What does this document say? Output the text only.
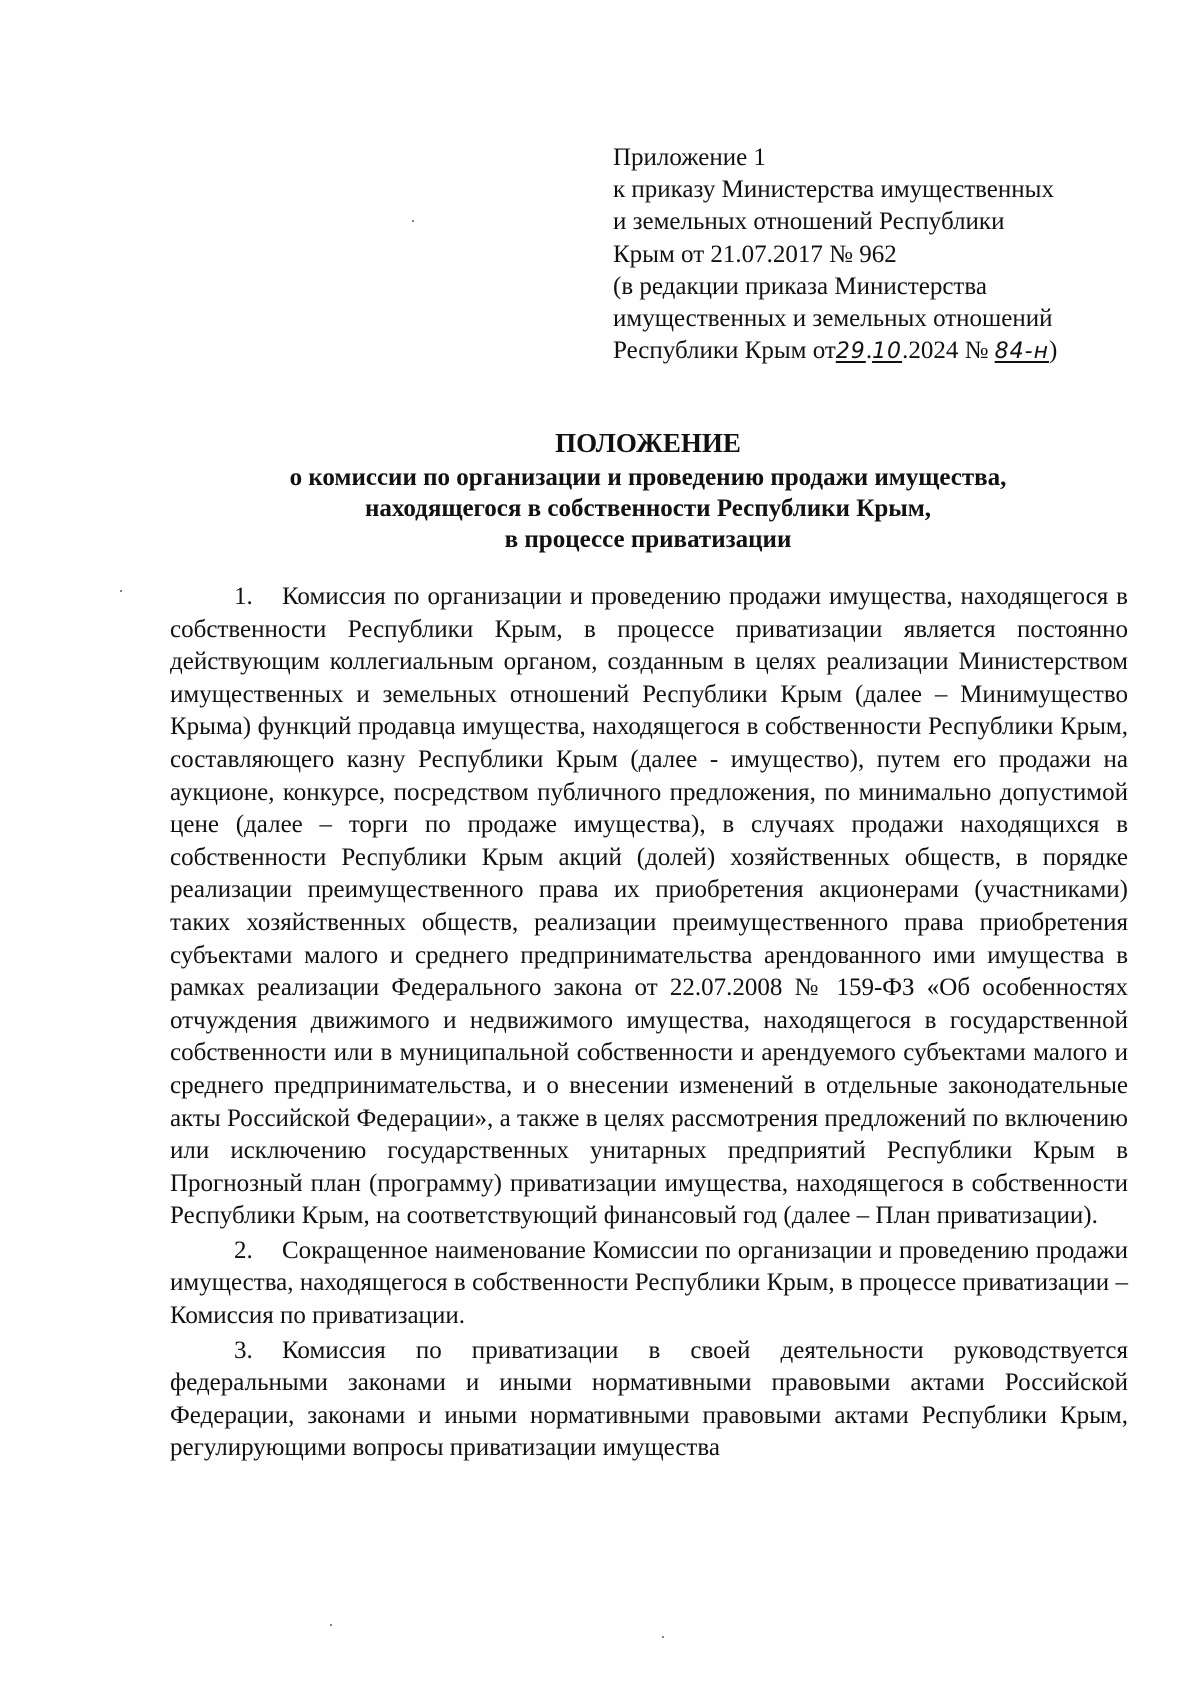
Приложение 1
к приказу Министерства имущественных
и земельных отношений Республики
Крым от 21.07.2017 № 962
(в редакции приказа Министерства
имущественных и земельных отношений
Республики Крым от29.10.2024 № 84-н)
ПОЛОЖЕНИЕ
о комиссии по организации и проведению продажи имущества,
находящегося в собственности Республики Крым,
в процессе приватизации

1. Комиссия по организации и проведению продажи имущества, находящегося в собственности Республики Крым, в процессе приватизации является постоянно действующим коллегиальным органом, созданным в целях реализации Министерством имущественных и земельных отношений Республики Крым (далее – Минимущество Крыма) функций продавца имущества, находящегося в собственности Республики Крым, составляющего казну Республики Крым (далее - имущество), путем его продажи на аукционе, конкурсе, посредством публичного предложения, по минимально допустимой цене (далее – торги по продаже имущества), в случаях продажи находящихся в собственности Республики Крым акций (долей) хозяйственных обществ, в порядке реализации преимущественного права их приобретения акционерами (участниками) таких хозяйственных обществ, реализации преимущественного права приобретения субъектами малого и среднего предпринимательства арендованного ими имущества в рамках реализации Федерального закона от 22.07.2008 № 159-ФЗ «Об особенностях отчуждения движимого и недвижимого имущества, находящегося в государственной собственности или в муниципальной собственности и арендуемого субъектами малого и среднего предпринимательства, и о внесении изменений в отдельные законодательные акты Российской Федерации», а также в целях рассмотрения предложений по включению или исключению государственных унитарных предприятий Республики Крым в Прогнозный план (программу) приватизации имущества, находящегося в собственности Республики Крым, на соответствующий финансовый год (далее – План приватизации).

2. Сокращенное наименование Комиссии по организации и проведению продажи имущества, находящегося в собственности Республики Крым, в процессе приватизации – Комиссия по приватизации.

3. Комиссия по приватизации в своей деятельности руководствуется федеральными законами и иными нормативными правовыми актами Российской Федерации, законами и иными нормативными правовыми актами Республики Крым, регулирующими вопросы приватизации имущества
